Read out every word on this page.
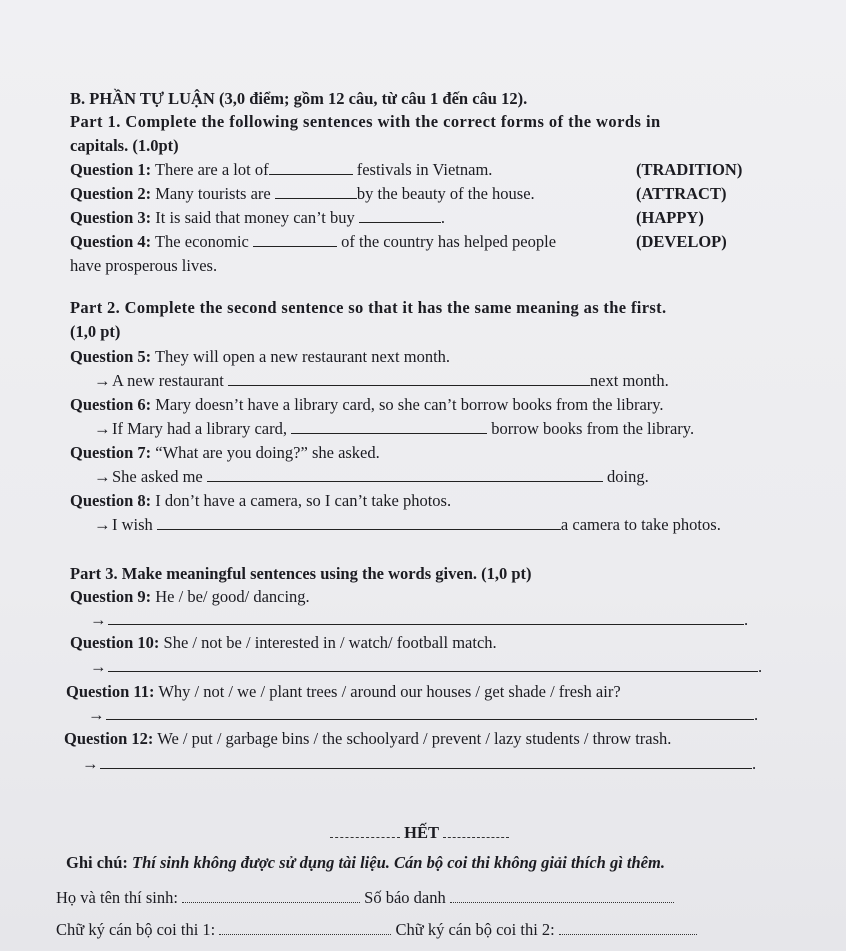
B. PHẦN TỰ LUẬN (3,0 điểm; gồm 12 câu, từ câu 1 đến câu 12).
Part 1. Complete the following sentences with the correct forms of the words in
capitals. (1.0pt)
Question 1: There are a lot of	festivals in Vietnam.	(TRADITION)
Question 2: Many tourists are	by the beauty of the house.	(ATTRACT)
Question 3: It is said that money can’t buy	.	(HAPPY)
Question 4: The economic	of the country has helped people	(DEVELOP)
have prosperous lives.
Part 2. Complete the second sentence so that it has the same meaning as the first.
(1,0 pt)
Question 5: They will open a new restaurant next month.
→A new restaurant	next month.
Question 6: Mary doesn’t have a library card, so she can’t borrow books from the library.
→If Mary had a library card,	borrow books from the library.
Question 7: “What are you doing?” she asked.
→She asked me	doing.
Question 8: I don’t have a camera, so I can’t take photos.
→I wish	a camera to take photos.
Part 3. Make meaningful sentences using the words given. (1,0 pt)
Question 9: He / be/ good/ dancing.
→	.
Question 10: She / not be / interested in / watch/ football match.
→	.
Question 11: Why / not / we / plant trees / around our houses / get shade / fresh air?
→	.
Question 12: We / put / garbage bins / the schoolyard / prevent / lazy students / throw trash.
→	.
HẾT
Ghi chú: Thí sinh không được sử dụng tài liệu. Cán bộ coi thi không giải thích gì thêm.
Họ và tên thí sinh:	Số báo danh
Chữ ký cán bộ coi thi 1:	Chữ ký cán bộ coi thi 2:
